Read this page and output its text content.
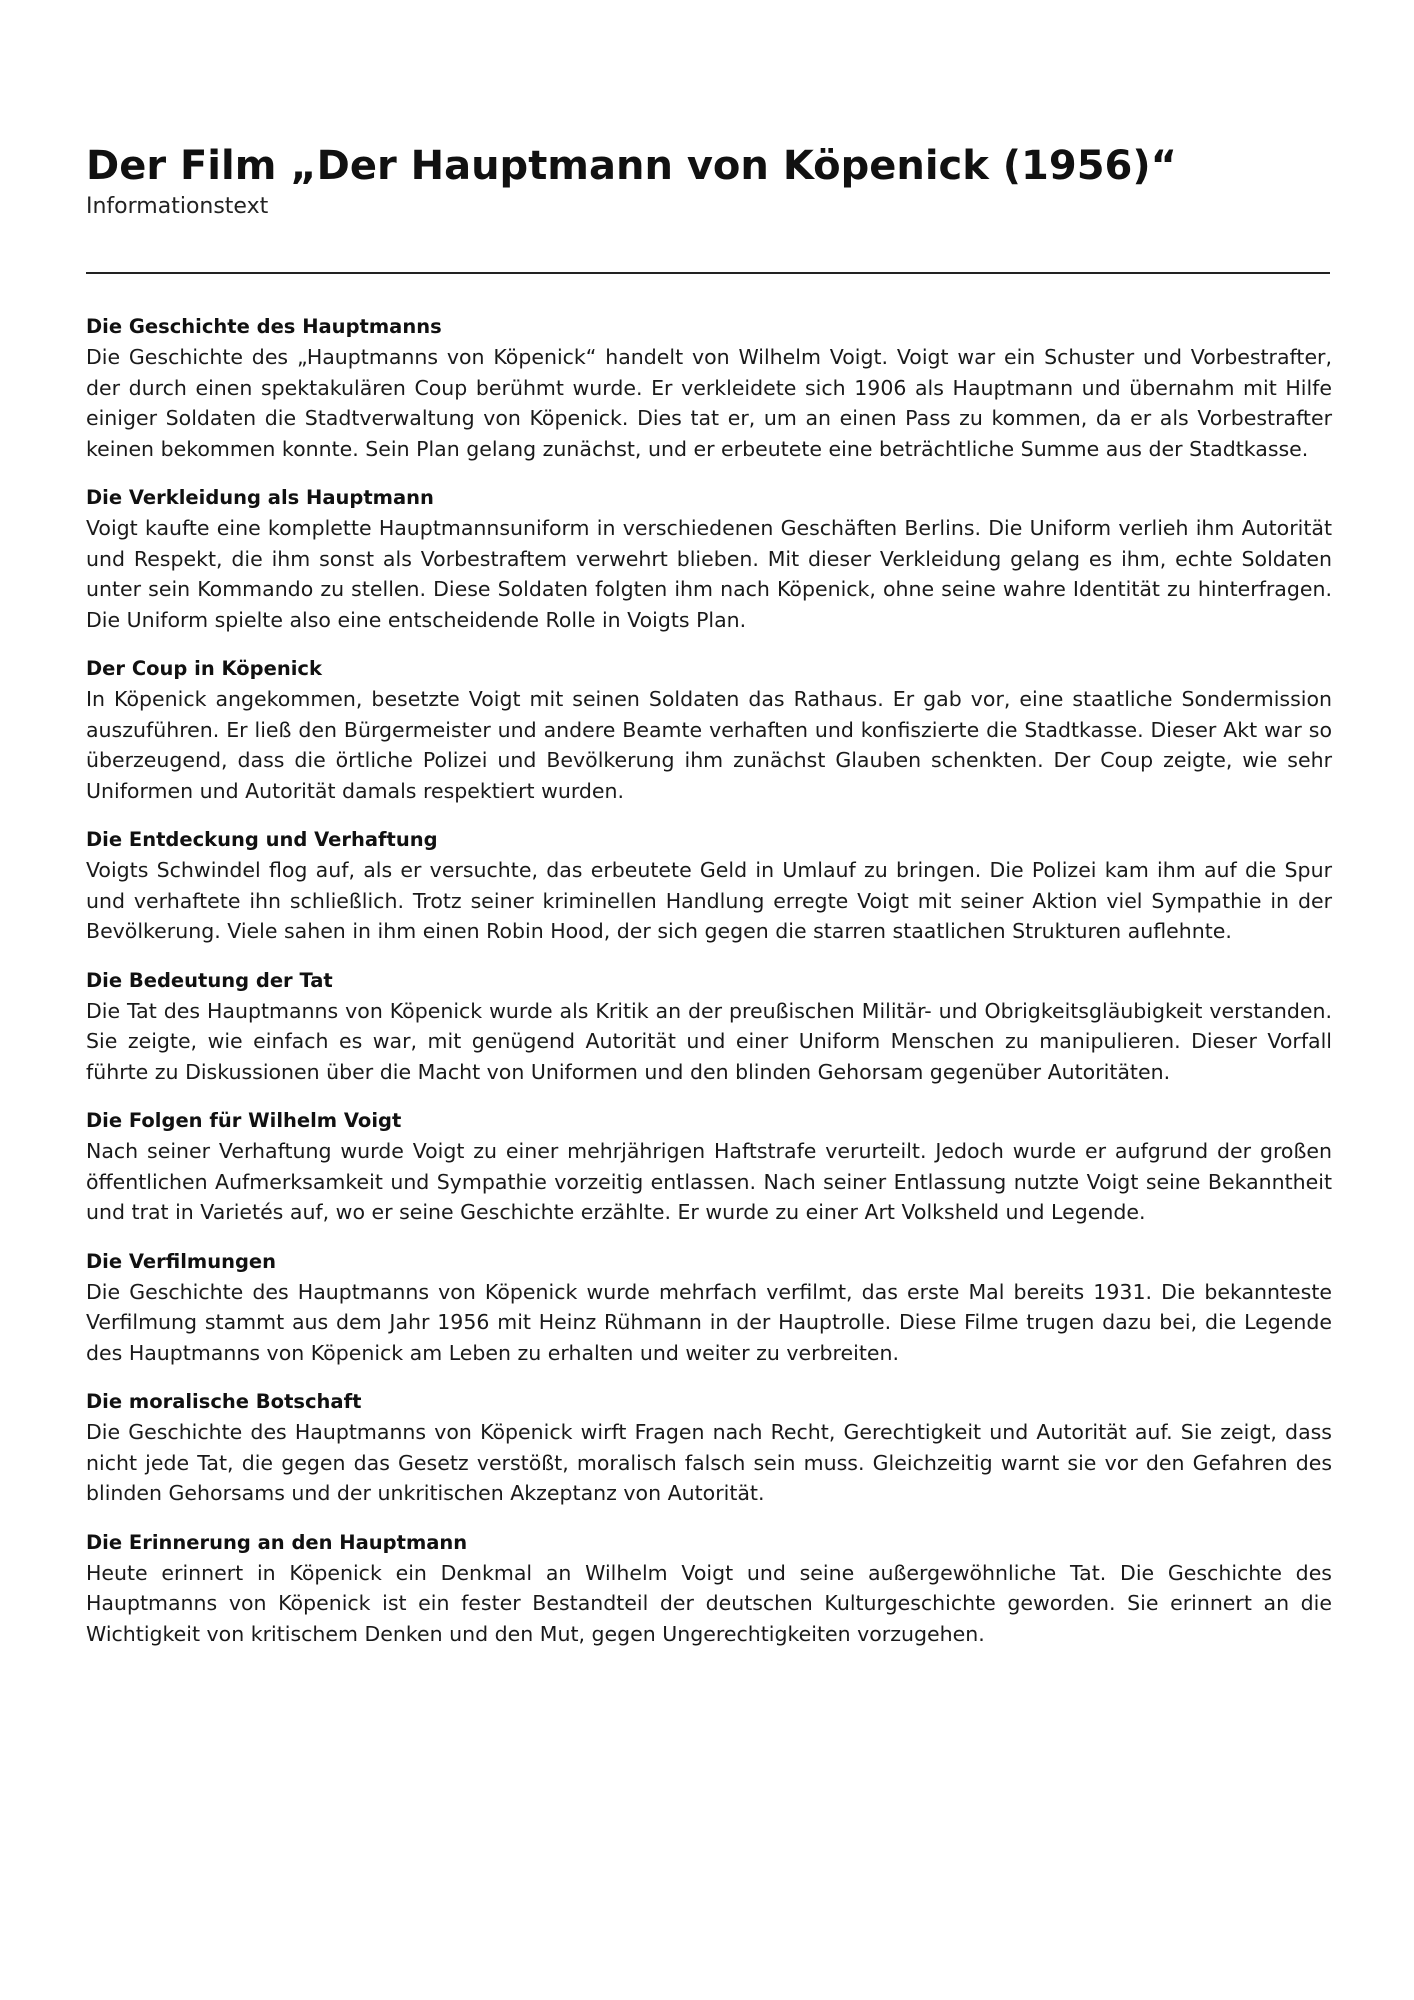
Der Film „Der Hauptmann von Köpenick (1956)“

Informationstext

Die Geschichte des Hauptmanns

Die Geschichte des „Hauptmanns von Köpenick“ handelt von Wilhelm Voigt. Voigt war ein Schuster und Vorbestrafter, der durch einen spektakulären Coup berühmt wurde. Er verkleidete sich 1906 als Hauptmann und übernahm mit Hilfe einiger Soldaten die Stadtverwaltung von Köpenick. Dies tat er, um an einen Pass zu kommen, da er als Vorbestrafter keinen bekommen konnte. Sein Plan gelang zunächst, und er erbeutete eine beträchtliche Summe aus der Stadtkasse.

Die Verkleidung als Hauptmann

Voigt kaufte eine komplette Hauptmannsuniform in verschiedenen Geschäften Berlins. Die Uniform verlieh ihm Autorität und Respekt, die ihm sonst als Vorbestraftem verwehrt blieben. Mit dieser Verkleidung gelang es ihm, echte Soldaten unter sein Kommando zu stellen. Diese Soldaten folgten ihm nach Köpenick, ohne seine wahre Identität zu hinterfragen. Die Uniform spielte also eine entscheidende Rolle in Voigts Plan.

Der Coup in Köpenick

In Köpenick angekommen, besetzte Voigt mit seinen Soldaten das Rathaus. Er gab vor, eine staatliche Sondermission auszuführen. Er ließ den Bürgermeister und andere Beamte verhaften und konfiszierte die Stadtkasse. Dieser Akt war so überzeugend, dass die örtliche Polizei und Bevölkerung ihm zunächst Glauben schenkten. Der Coup zeigte, wie sehr Uniformen und Autorität damals respektiert wurden.

Die Entdeckung und Verhaftung

Voigts Schwindel flog auf, als er versuchte, das erbeutete Geld in Umlauf zu bringen. Die Polizei kam ihm auf die Spur und verhaftete ihn schließlich. Trotz seiner kriminellen Handlung erregte Voigt mit seiner Aktion viel Sympathie in der Bevölkerung. Viele sahen in ihm einen Robin Hood, der sich gegen die starren staatlichen Strukturen auflehnte.

Die Bedeutung der Tat

Die Tat des Hauptmanns von Köpenick wurde als Kritik an der preußischen Militär- und Obrigkeitsgläubigkeit verstanden. Sie zeigte, wie einfach es war, mit genügend Autorität und einer Uniform Menschen zu manipulieren. Dieser Vorfall führte zu Diskussionen über die Macht von Uniformen und den blinden Gehorsam gegenüber Autoritäten.

Die Folgen für Wilhelm Voigt

Nach seiner Verhaftung wurde Voigt zu einer mehrjährigen Haftstrafe verurteilt. Jedoch wurde er aufgrund der großen öffentlichen Aufmerksamkeit und Sympathie vorzeitig entlassen. Nach seiner Entlassung nutzte Voigt seine Bekanntheit und trat in Varietés auf, wo er seine Geschichte erzählte. Er wurde zu einer Art Volksheld und Legende.

Die Verfilmungen

Die Geschichte des Hauptmanns von Köpenick wurde mehrfach verfilmt, das erste Mal bereits 1931. Die bekannteste Verfilmung stammt aus dem Jahr 1956 mit Heinz Rühmann in der Hauptrolle. Diese Filme trugen dazu bei, die Legende des Hauptmanns von Köpenick am Leben zu erhalten und weiter zu verbreiten.

Die moralische Botschaft

Die Geschichte des Hauptmanns von Köpenick wirft Fragen nach Recht, Gerechtigkeit und Autorität auf. Sie zeigt, dass nicht jede Tat, die gegen das Gesetz verstößt, moralisch falsch sein muss. Gleichzeitig warnt sie vor den Gefahren des blinden Gehorsams und der unkritischen Akzeptanz von Autorität.

Die Erinnerung an den Hauptmann

Heute erinnert in Köpenick ein Denkmal an Wilhelm Voigt und seine außergewöhnliche Tat. Die Geschichte des Hauptmanns von Köpenick ist ein fester Bestandteil der deutschen Kulturgeschichte geworden. Sie erinnert an die Wichtigkeit von kritischem Denken und den Mut, gegen Ungerechtigkeiten vorzugehen.
